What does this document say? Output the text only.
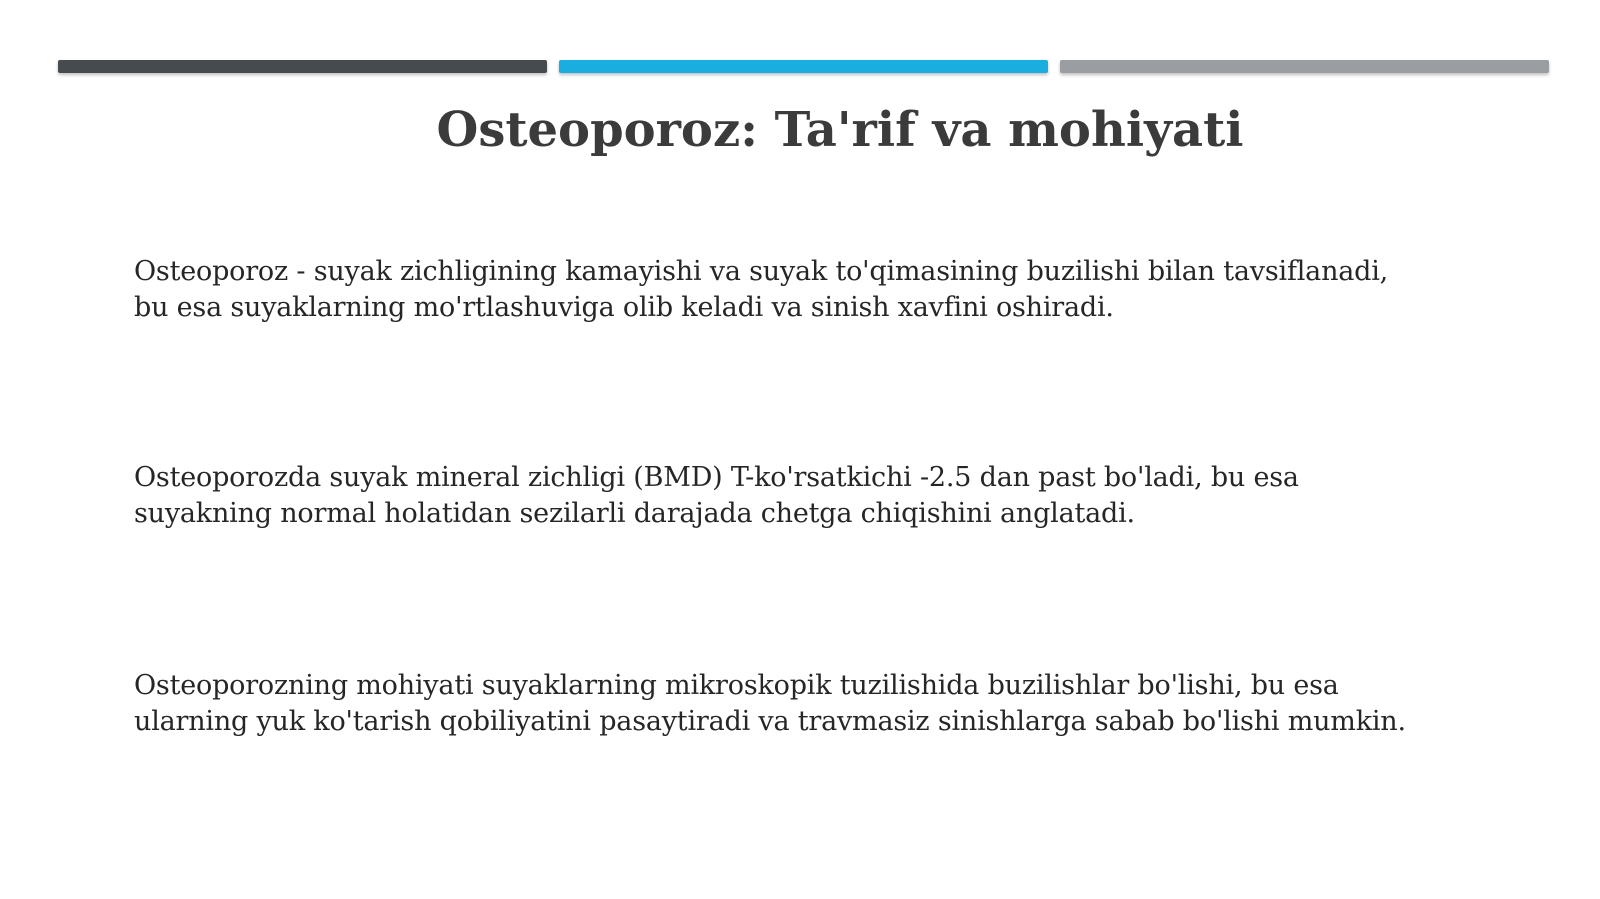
Osteoporoz: Ta'rif va mohiyati

Osteoporoz - suyak zichligining kamayishi va suyak to'qimasining buzilishi bilan tavsiflanadi,
bu esa suyaklarning mo'rtlashuviga olib keladi va sinish xavfini oshiradi.

Osteoporozda suyak mineral zichligi (BMD) T-ko'rsatkichi -2.5 dan past bo'ladi, bu esa
suyakning normal holatidan sezilarli darajada chetga chiqishini anglatadi.

Osteoporozning mohiyati suyaklarning mikroskopik tuzilishida buzilishlar bo'lishi, bu esa
ularning yuk ko'tarish qobiliyatini pasaytiradi va travmasiz sinishlarga sabab bo'lishi mumkin.
